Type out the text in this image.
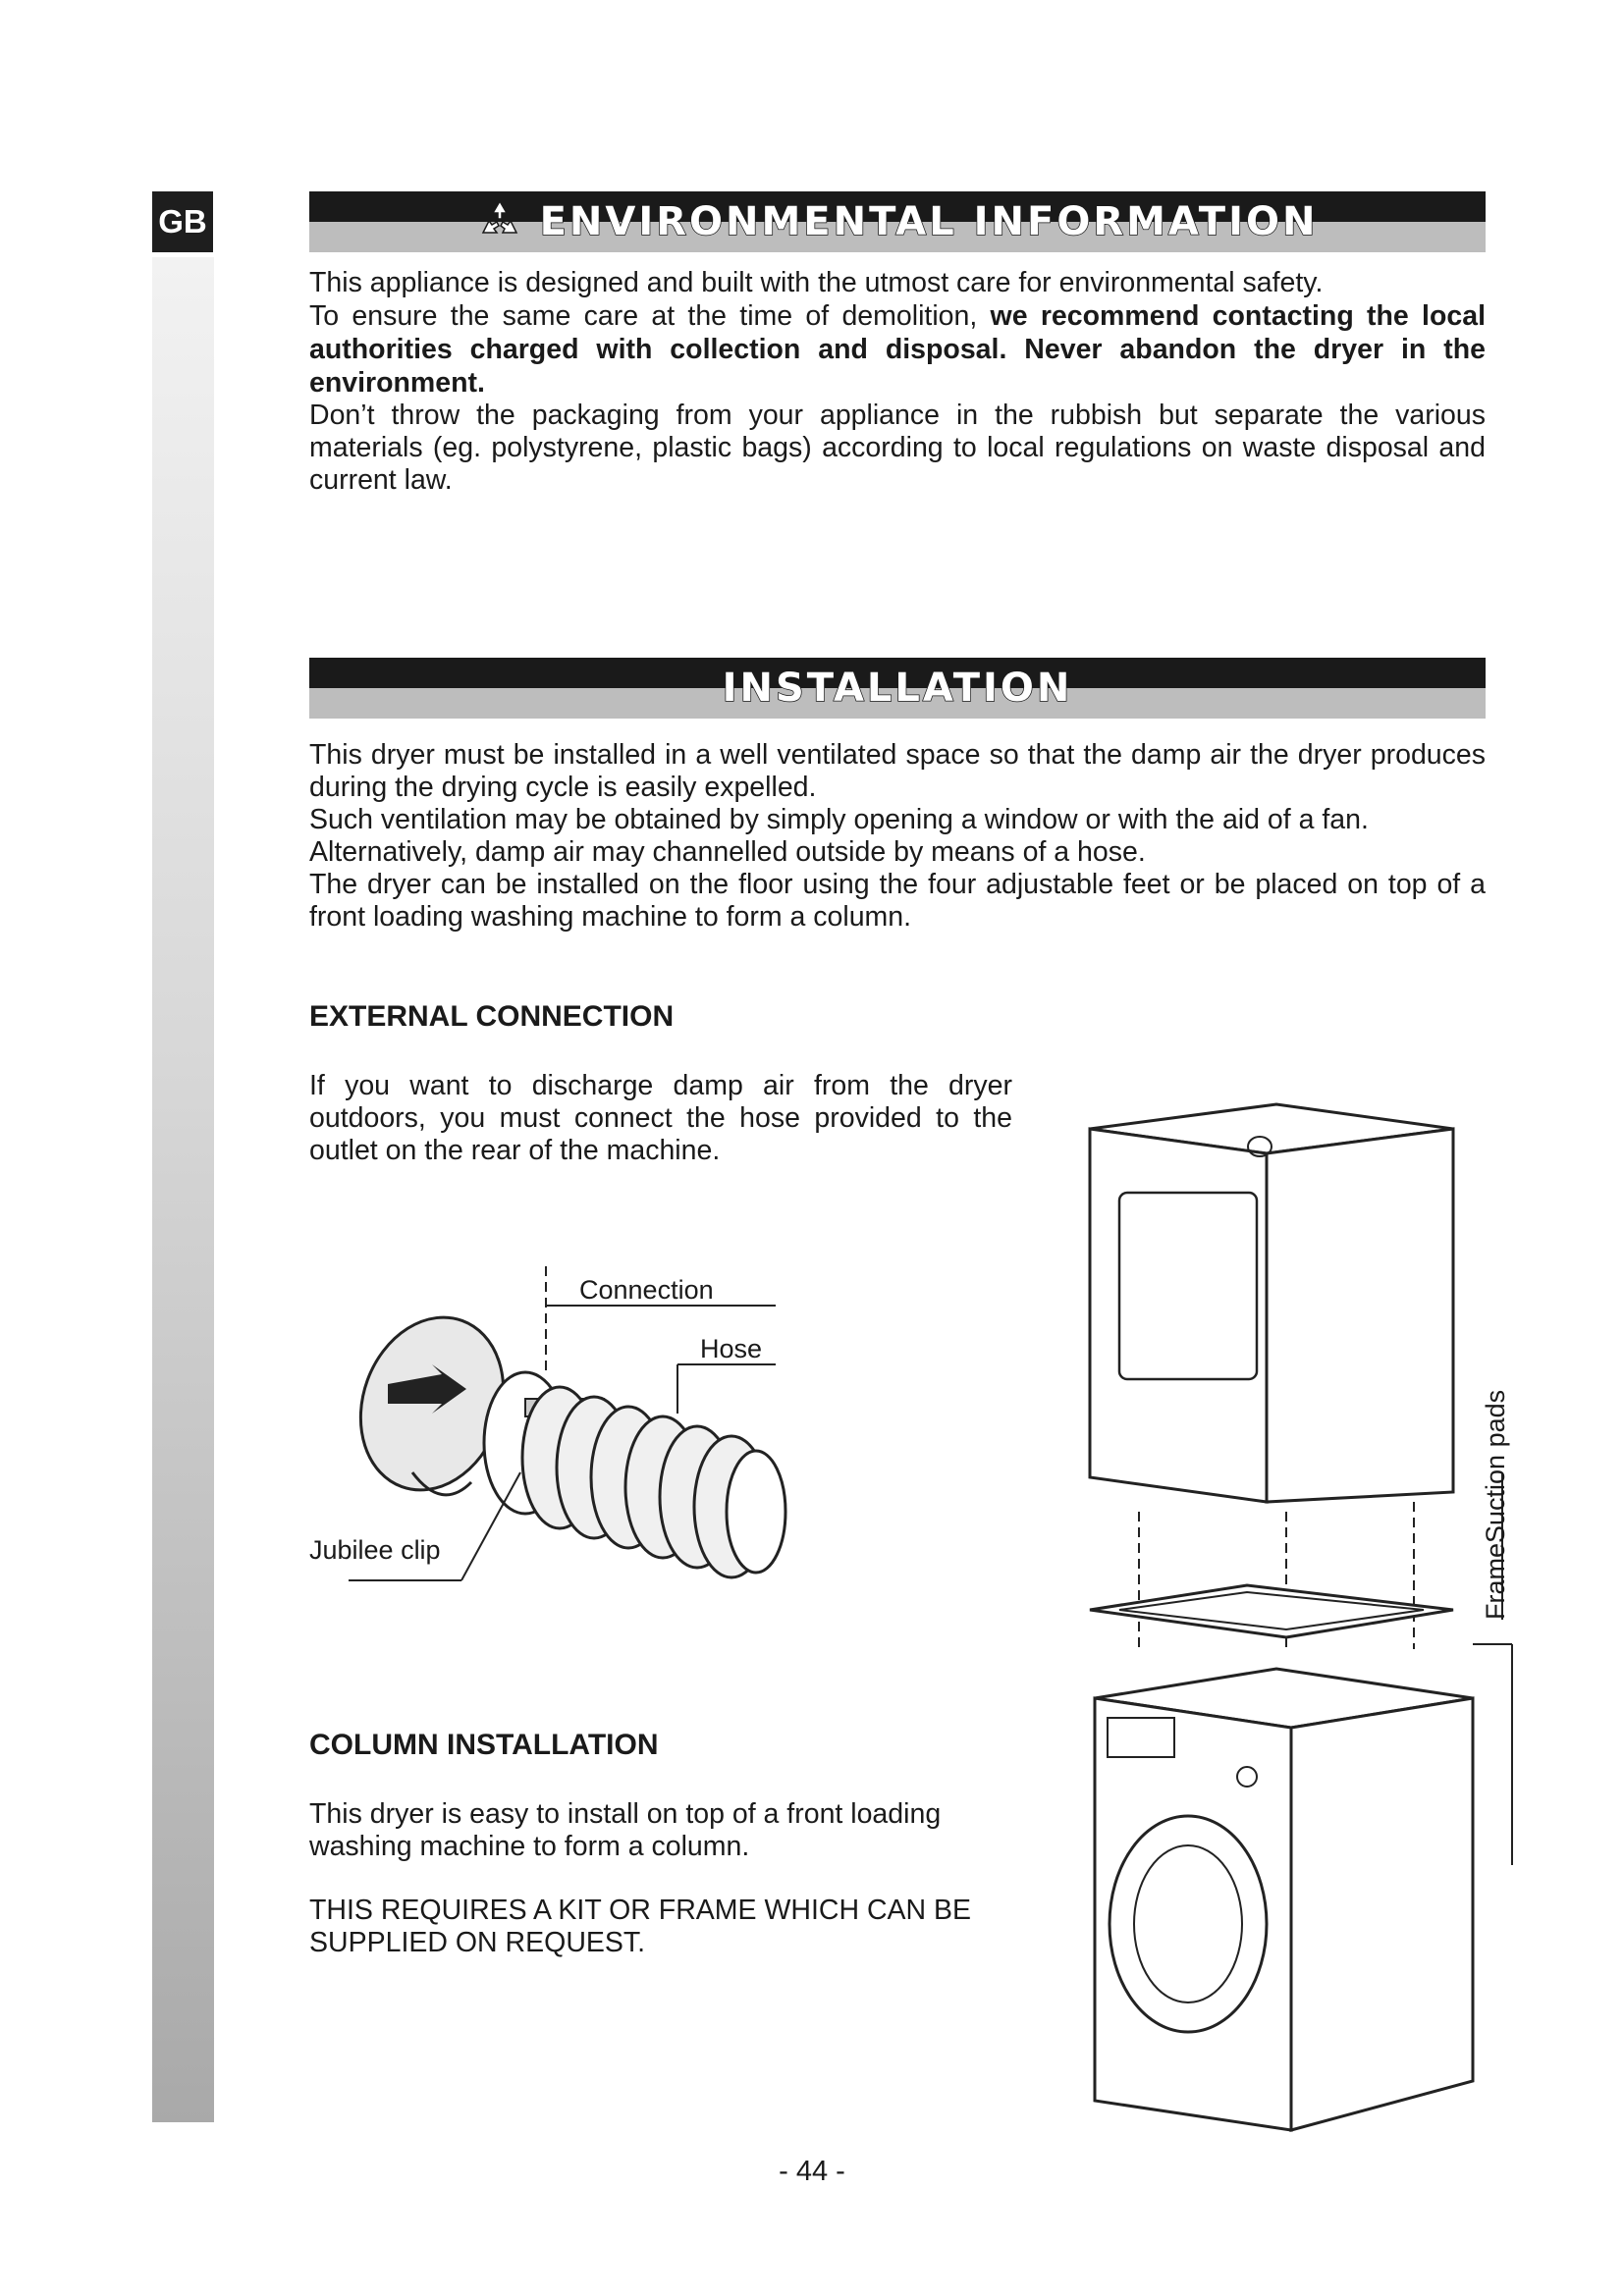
GB	ENVIRONMENTAL INFORMATION

This appliance is designed and built with the utmost care for environmental safety.

To ensure the same care at the time of demolition, we recommend contacting the local authorities charged with collection and disposal. Never abandon the dryer in the environment.

Don’t throw the packaging from your appliance in the rubbish but separate the various materials (eg. polystyrene, plastic bags) according to local regulations on waste disposal and current law.

INSTALLATION

This dryer must be installed in a well ventilated space so that the damp air the dryer produces during the drying cycle is easily expelled.

Such ventilation may be obtained by simply opening a window or with the aid of a fan.

Alternatively, damp air may channelled outside by means of a hose.

The dryer can be installed on the floor using the four adjustable feet or be placed on top of a front loading washing machine to form a column.

EXTERNAL CONNECTION

If you want to discharge damp air from the dryer outdoors, you must connect the hose provided to the outlet on the rear of the machine.

Connection
Hose
Jubilee clip
COLUMN INSTALLATION

This dryer is easy to install on top of a front loading washing machine to form a column.

THIS REQUIRES A KIT OR FRAME WHICH CAN BE SUPPLIED ON REQUEST.

FrameSuction pads
- 44 -
